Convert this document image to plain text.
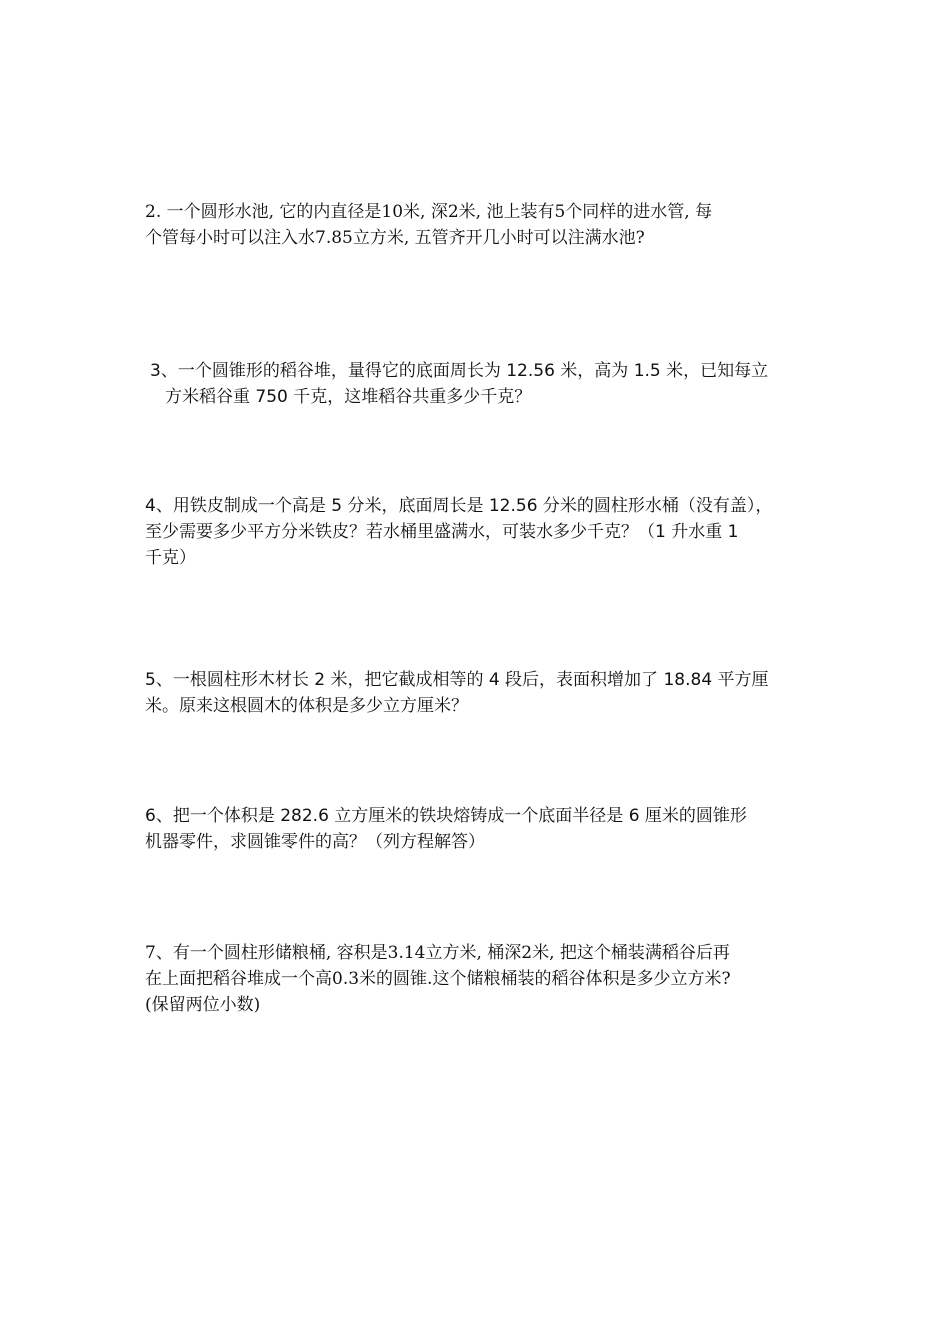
2. 一个圆形水池, 它的内直径是10米, 深2米, 池上装有5个同样的进水管, 每
个管每小时可以注入水7.85立方米, 五管齐开几小时可以注满水池?
3、一个圆锥形的稻谷堆，量得它的底面周长为 12.56 米，高为 1.5 米，已知每立
方米稻谷重 750 千克，这堆稻谷共重多少千克？
4、用铁皮制成一个高是 5 分米，底面周长是 12.56 分米的圆柱形水桶（没有盖），
至少需要多少平方分米铁皮？若水桶里盛满水，可装水多少千克？（1 升水重 1
千克）
5、一根圆柱形木材长 2 米，把它截成相等的 4 段后，表面积增加了 18.84 平方厘
米。原来这根圆木的体积是多少立方厘米？
6、把一个体积是 282.6 立方厘米的铁块熔铸成一个底面半径是 6 厘米的圆锥形
机器零件，求圆锥零件的高？（列方程解答）
7、有一个圆柱形储粮桶, 容积是3.14立方米, 桶深2米, 把这个桶装满稻谷后再
在上面把稻谷堆成一个高0.3米的圆锥.这个储粮桶装的稻谷体积是多少立方米?
(保留两位小数)
